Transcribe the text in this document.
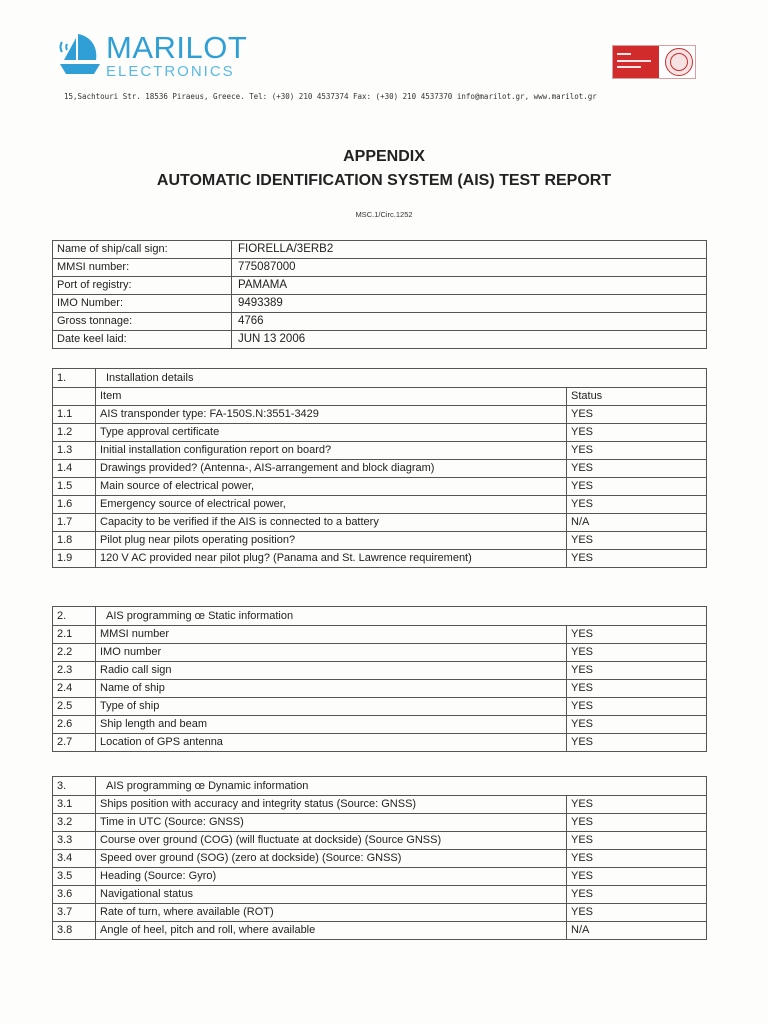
MARILOT
ELECTRONICS
15,Sachtouri Str. 18536 Piraeus, Greece. Tel: (+30) 210 4537374 Fax: (+30) 210 4537370 info@marilot.gr, www.marilot.gr
APPENDIX
AUTOMATIC IDENTIFICATION SYSTEM (AIS) TEST REPORT
MSC.1/Circ.1252
Name of ship/call sign:	FIORELLA/3ERB2
MMSI number:	775087000
Port of registry:	PAMAMA
IMO Number:	9493389
Gross tonnage:	4766
Date keel laid:	JUN 13 2006
1.	Installation details	
	Item	Status
1.1	AIS transponder type: FA-150S.N:3551-3429	YES
1.2	Type approval certificate	YES
1.3	Initial installation configuration report on board?	YES
1.4	Drawings provided? (Antenna-, AIS-arrangement and block diagram)	YES
1.5	Main source of electrical power,	YES
1.6	Emergency source of electrical power,	YES
1.7	Capacity to be verified if the AIS is connected to a battery	N/A
1.8	Pilot plug near pilots operating position?	YES
1.9	120 V AC provided near pilot plug? (Panama and St. Lawrence requirement)	YES
2.	AIS programming œ Static information	
2.1	MMSI number	YES
2.2	IMO number	YES
2.3	Radio call sign	YES
2.4	Name of ship	YES
2.5	Type of ship	YES
2.6	Ship length and beam	YES
2.7	Location of GPS antenna	YES
3.	AIS programming œ Dynamic information	
3.1	Ships position with accuracy and integrity status (Source: GNSS)	YES
3.2	Time in UTC (Source: GNSS)	YES
3.3	Course over ground (COG) (will fluctuate at dockside) (Source GNSS)	YES
3.4	Speed over ground (SOG) (zero at dockside) (Source: GNSS)	YES
3.5	Heading (Source: Gyro)	YES
3.6	Navigational status	YES
3.7	Rate of turn, where available (ROT)	YES
3.8	Angle of heel, pitch and roll, where available	N/A
